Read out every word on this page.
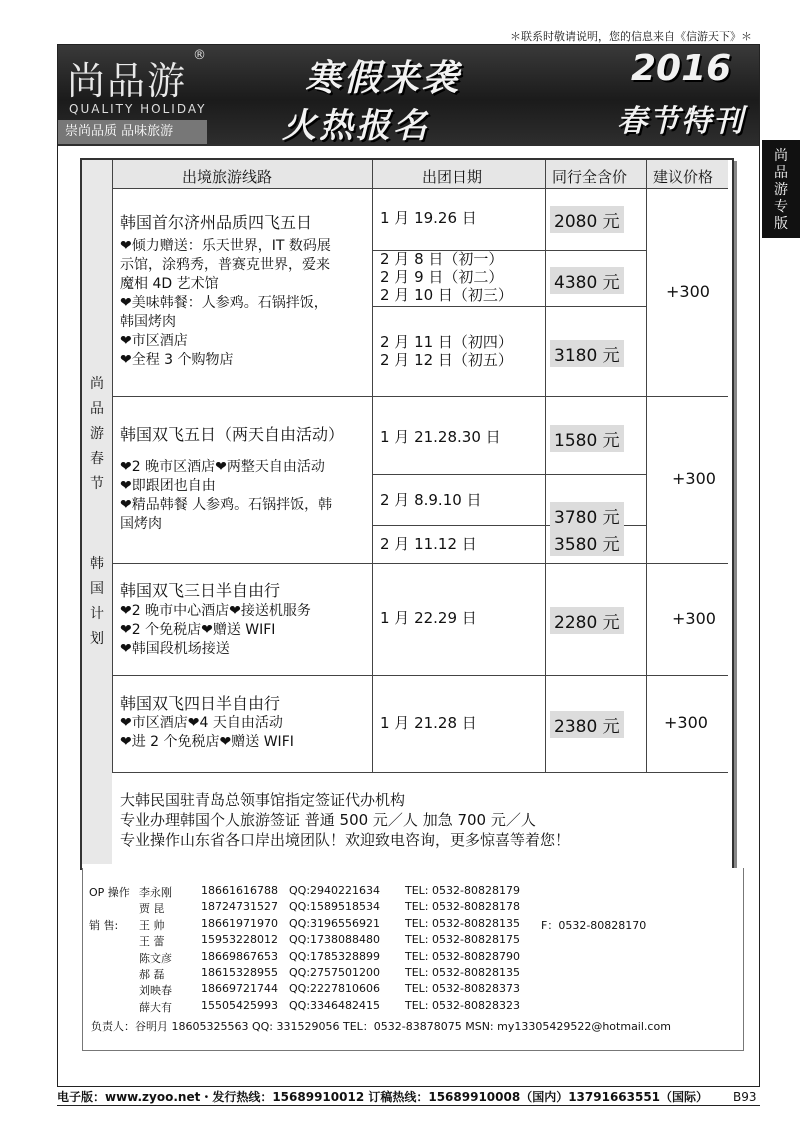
＊联系时敬请说明，您的信息来自《信游天下》＊
尚品游
®
QUALITY HOLIDAY
崇尚品质 品味旅游
寒假来袭
火热报名
2016
春节特刊
尚
品
游
专
版
出境旅游线路	出团日期	同行全含价 建议价格
尚
品
游
春
节
韩
国
计
划
韩国首尔济州品质四飞五日
❤倾力赠送：乐天世界，IT 数码展
示馆，涂鸦秀，普赛克世界，爱来
魔相 4D 艺术馆
❤美味韩餐：人参鸡。石锅拌饭，
韩国烤肉
❤市区酒店
❤全程 3 个购物店
1 月 19.26 日	2080 元
2 月 8 日（初一）
2 月 9 日（初二）
2 月 10 日（初三）
4380 元
2 月 11 日（初四）
2 月 12 日（初五） 3180 元
+300
韩国双飞五日（两天自由活动）
❤2 晚市区酒店❤两整天自由活动
❤即跟团也自由
❤精品韩餐 人参鸡。石锅拌饭，韩
国烤肉
1 月 21.28.30 日	1580 元
2 月 8.9.10 日
3780 元
2 月 11.12 日	3580 元
+300
韩国双飞三日半自由行
❤2 晚市中心酒店❤接送机服务
❤2 个免税店❤赠送 WIFI
❤韩国段机场接送
1 月 22.29 日	2280 元	+300
韩国双飞四日半自由行
❤市区酒店❤4 天自由活动
❤进 2 个免税店❤赠送 WIFI
1 月 21.28 日	2380 元	+300
大韩民国驻青岛总领事馆指定签证代办机构
专业办理韩国个人旅游签证 普通 500 元／人 加急 700 元／人
专业操作山东省各口岸出境团队！欢迎致电咨询，更多惊喜等着您！
OP 操作 李永刚	18661616788 QQ:2940221634 TEL: 0532-80828179
贾 昆	18724731527 QQ:1589518534 TEL: 0532-80828178
销 售: 王 帅	18661971970 QQ:3196556921 TEL: 0532-80828135 F：0532-80828170
王 蕾	15953228012 QQ:1738088480 TEL: 0532-80828175
陈文彦	18669867653 QQ:1785328899 TEL: 0532-80828790
郝 磊	18615328955 QQ:2757501200 TEL: 0532-80828135
刘映春	18669721744 QQ:2227810606 TEL: 0532-80828373
薛大有	15505425993 QQ:3346482415 TEL: 0532-80828323
负责人：谷明月 18605325563 QQ: 331529056 TEL：0532-83878075 MSN: my13305429522@hotmail.com
电子版：www.zyoo.net・发行热线：15689910012 订稿热线：15689910008（国内）13791663551（国际） B93
